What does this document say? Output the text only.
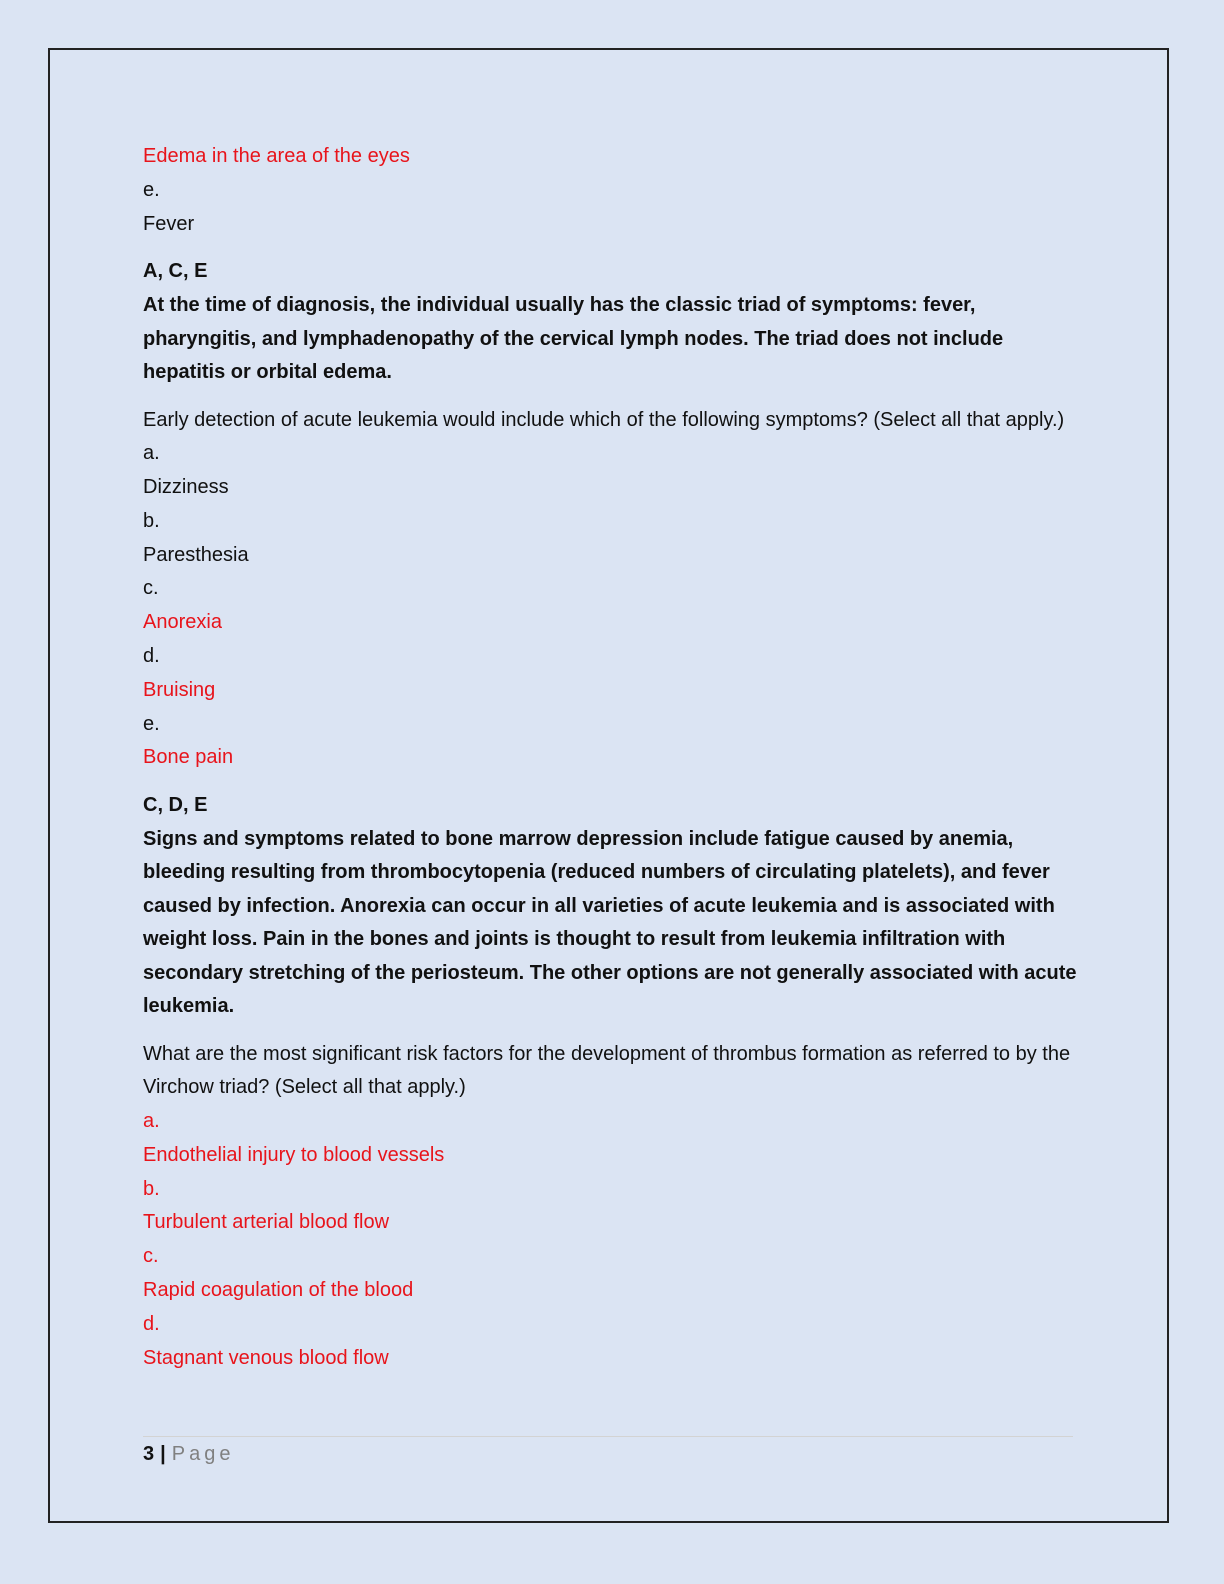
Edema in the area of the eyes

e.

Fever

A, C, E

At the time of diagnosis, the individual usually has the classic triad of symptoms: fever, pharyngitis, and lymphadenopathy of the cervical lymph nodes. The triad does not include hepatitis or orbital edema.

Early detection of acute leukemia would include which of the following symptoms? (Select all that apply.)

a.

Dizziness

b.

Paresthesia

c.

Anorexia

d.

Bruising

e.

Bone pain

C, D, E

Signs and symptoms related to bone marrow depression include fatigue caused by anemia, bleeding resulting from thrombocytopenia (reduced numbers of circulating platelets), and fever caused by infection. Anorexia can occur in all varieties of acute leukemia and is associated with weight loss. Pain in the bones and joints is thought to result from leukemia infiltration with secondary stretching of the periosteum. The other options are not generally associated with acute leukemia.

What are the most significant risk factors for the development of thrombus formation as referred to by the Virchow triad? (Select all that apply.)

a.

Endothelial injury to blood vessels

b.

Turbulent arterial blood flow

c.

Rapid coagulation of the blood

d.

Stagnant venous blood flow

3 | Page
